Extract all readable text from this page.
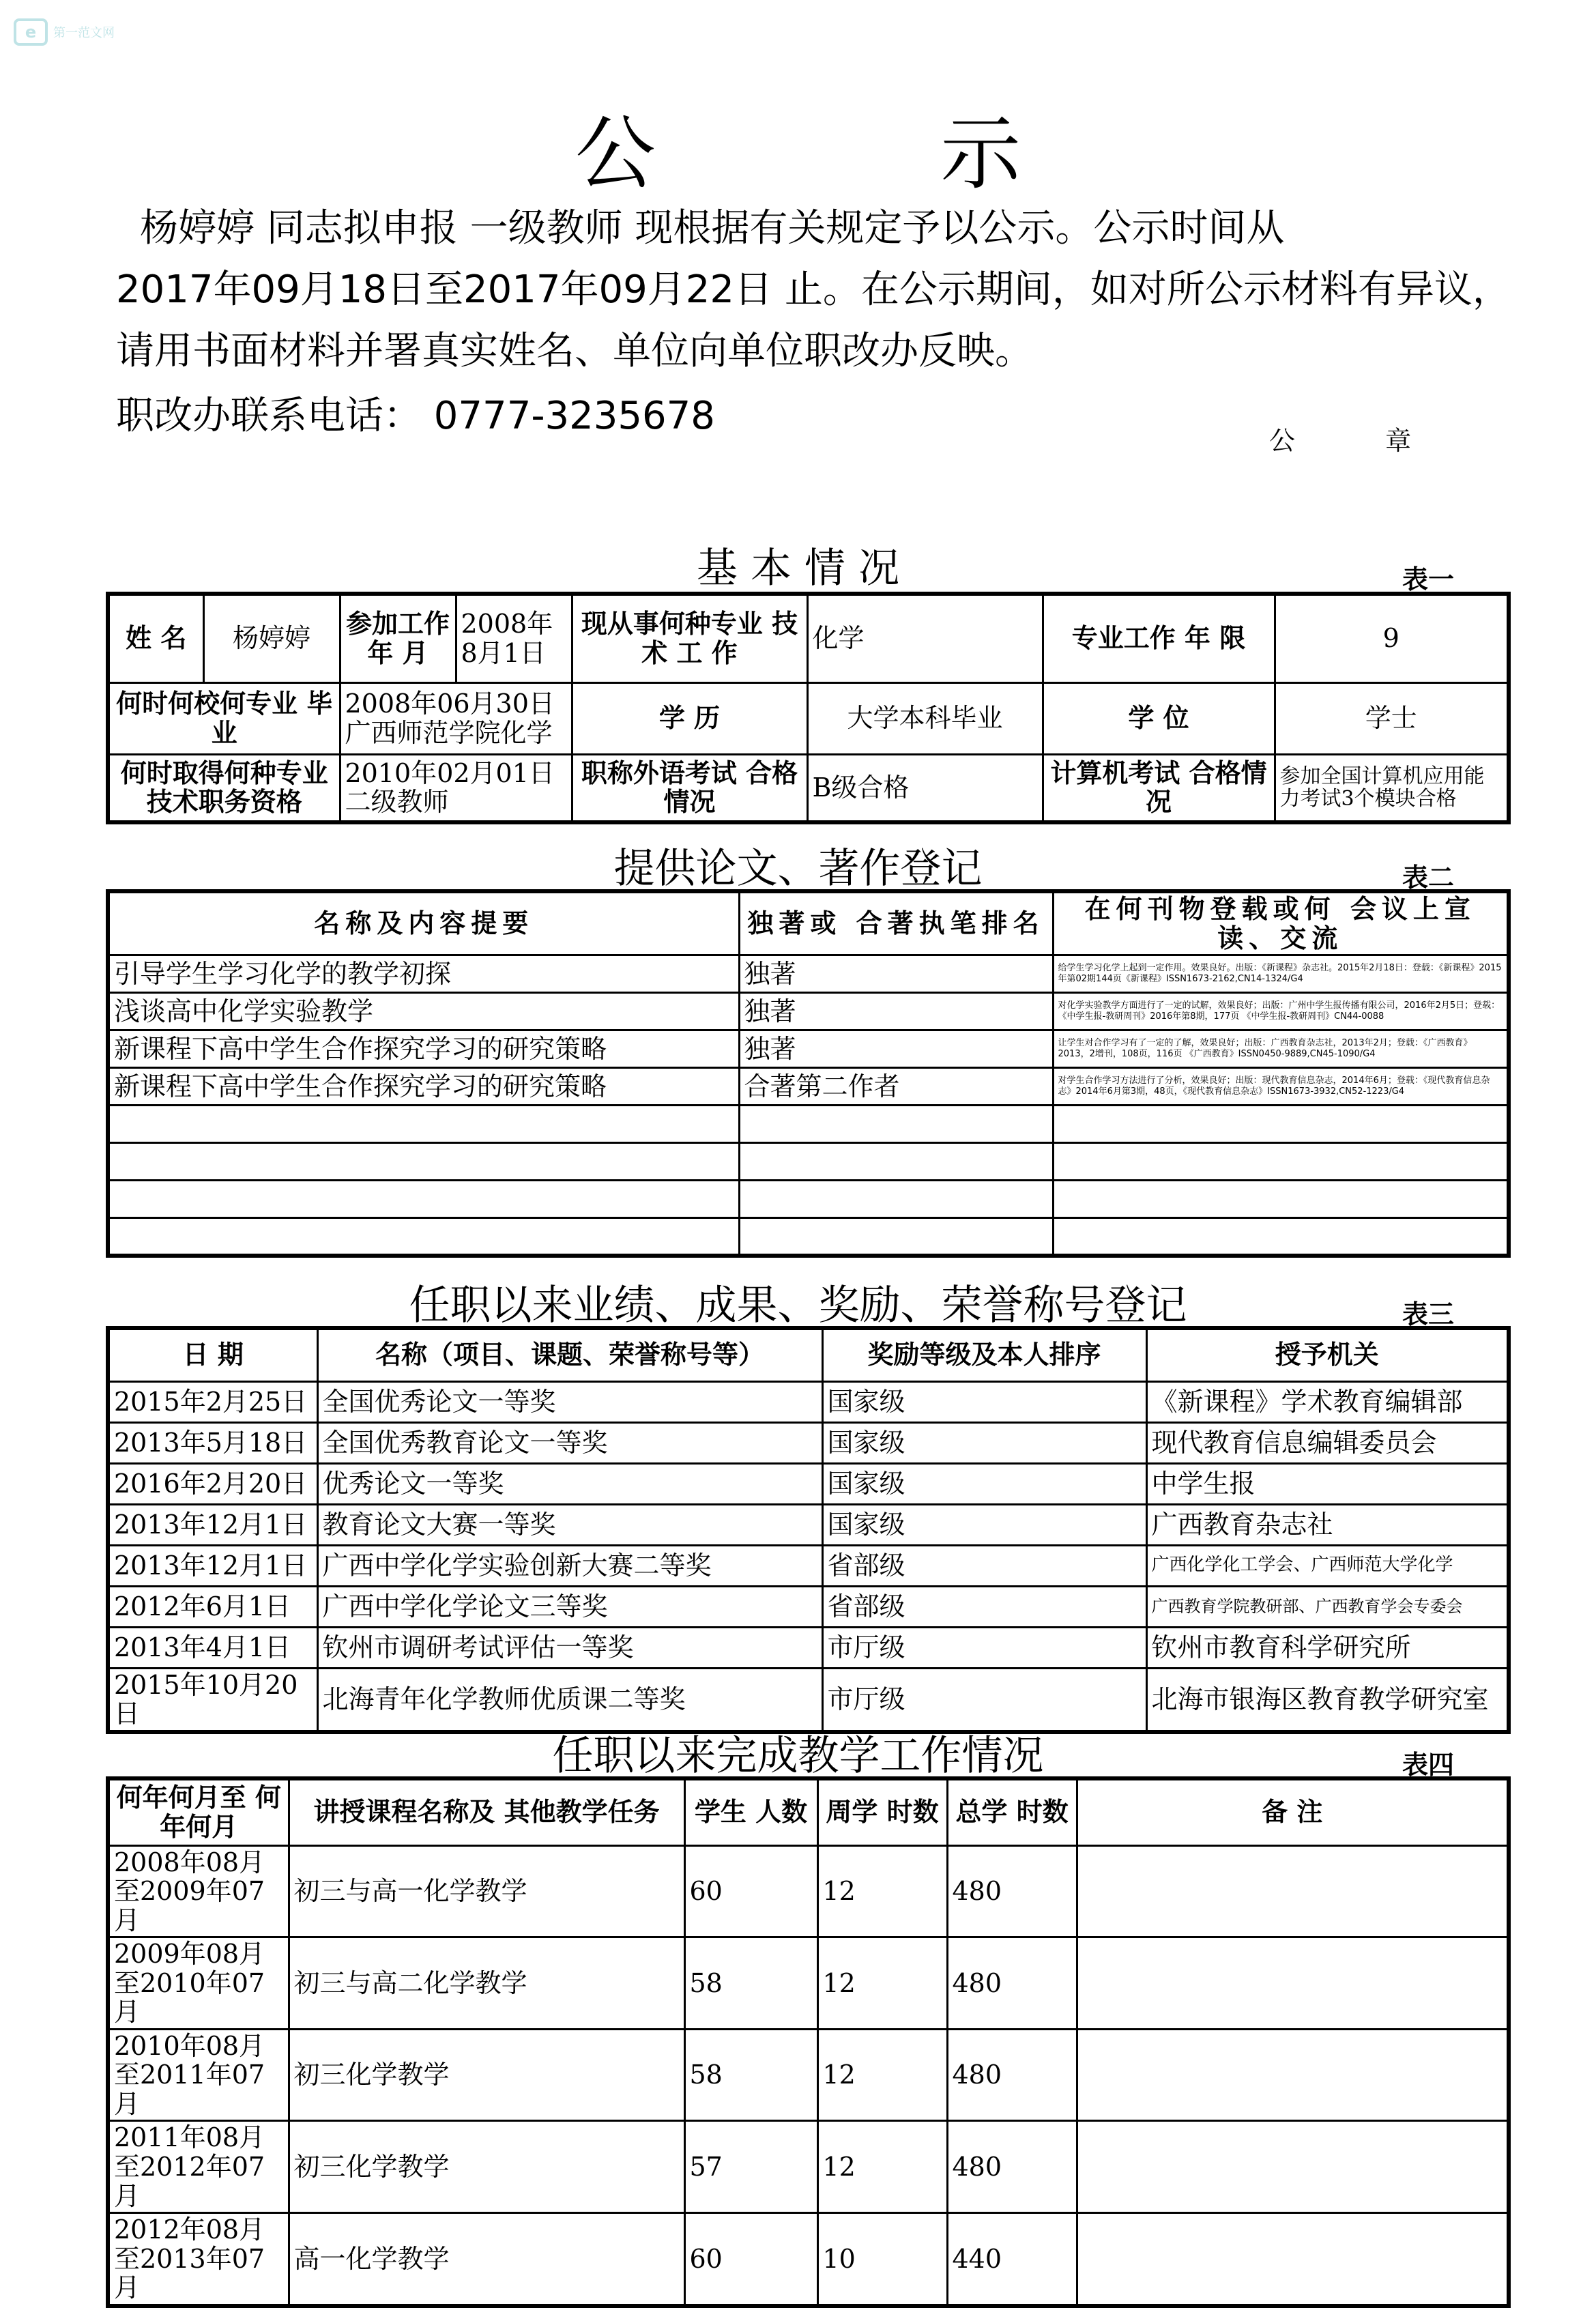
e	第一范文网
公 示
杨婷婷 同志拟申报 一级教师 现根据有关规定予以公示。公示时间从
2017年09月18日至2017年09月22日 止。在公示期间，如对所公示材料有异议，
请用书面材料并署真实姓名、单位向单位职改办反映。
职改办联系电话： 0777-3235678
公 章
基 本 情 况	表一
姓 名	杨婷婷	参加工作 年 月	2008年8月1日	现从事何种专业 技 术 工 作	化学	专业工作 年 限	9
何时何校何专业 毕 业		2008年06月30日广西师范学院化学		学 历	大学本科毕业	学 位	学士
何时取得何种专业技术职务资格		2010年02月01日二级教师		职称外语考试 合格情况	B级合格	计算机考试 合格情况	参加全国计算机应用能力考试3个模块合格
提供论文、著作登记	表二
名称及内容提要	独著或 合著执笔排名	在何刊物登载或何 会议上宣读、交流
引导学生学习化学的教学初探	独著	给学生学习化学上起到一定作用。效果良好。出版：《新课程》杂志社。2015年2月18日：登载：《新课程》2015年第02期144页《新课程》ISSN1673-2162,CN14-1324/G4
浅谈高中化学实验教学	独著	对化学实验教学方面进行了一定的试解，效果良好；出版：广州中学生报传播有限公司，2016年2月5日；登载：《中学生报-教研周刊》2016年第8期，177页 《中学生报-教研周刊》CN44-0088
新课程下高中学生合作探究学习的研究策略	独著	让学生对合作学习有了一定的了解，效果良好；出版：广西教育杂志社，2013年2月；登载：《广西教育》2013，2增刊，108页，116页 《广西教育》ISSN0450-9889,CN45-1090/G4
新课程下高中学生合作探究学习的研究策略	合著第二作者	对学生合作学习方法进行了分析，效果良好；出版：现代教育信息杂志，2014年6月；登载：《现代教育信息杂志》2014年6月第3期，48页，《现代教育信息杂志》ISSN1673-3932,CN52-1223/G4

任职以来业绩、成果、奖励、荣誉称号登记	表三
日 期	名称（项目、课题、荣誉称号等）	奖励等级及本人排序	授予机关
2015年2月25日	全国优秀论文一等奖	国家级	《新课程》学术教育编辑部
2013年5月18日	全国优秀教育论文一等奖	国家级	现代教育信息编辑委员会
2016年2月20日	优秀论文一等奖	国家级	中学生报
2013年12月1日	教育论文大赛一等奖	国家级	广西教育杂志社
2013年12月1日	广西中学化学实验创新大赛二等奖	省部级	广西化学化工学会、广西师范大学化学
2012年6月1日	广西中学化学论文三等奖	省部级	广西教育学院教研部、广西教育学会专委会
2013年4月1日	钦州市调研考试评估一等奖	市厅级	钦州市教育科学研究所
2015年10月20日	北海青年化学教师优质课二等奖	市厅级	北海市银海区教育教学研究室
任职以来完成教学工作情况	表四
何年何月至 何年何月	讲授课程名称及 其他教学任务	学生 人数	周学 时数	总学 时数	备 注
2008年08月至2009年07月	初三与高一化学教学	60	12	480	
2009年08月至2010年07月	初三与高二化学教学	58	12	480	
2010年08月至2011年07月	初三化学教学	58	12	480	
2011年08月至2012年07月	初三化学教学	57	12	480	
2012年08月至2013年07月	高一化学教学	60	10	440	
